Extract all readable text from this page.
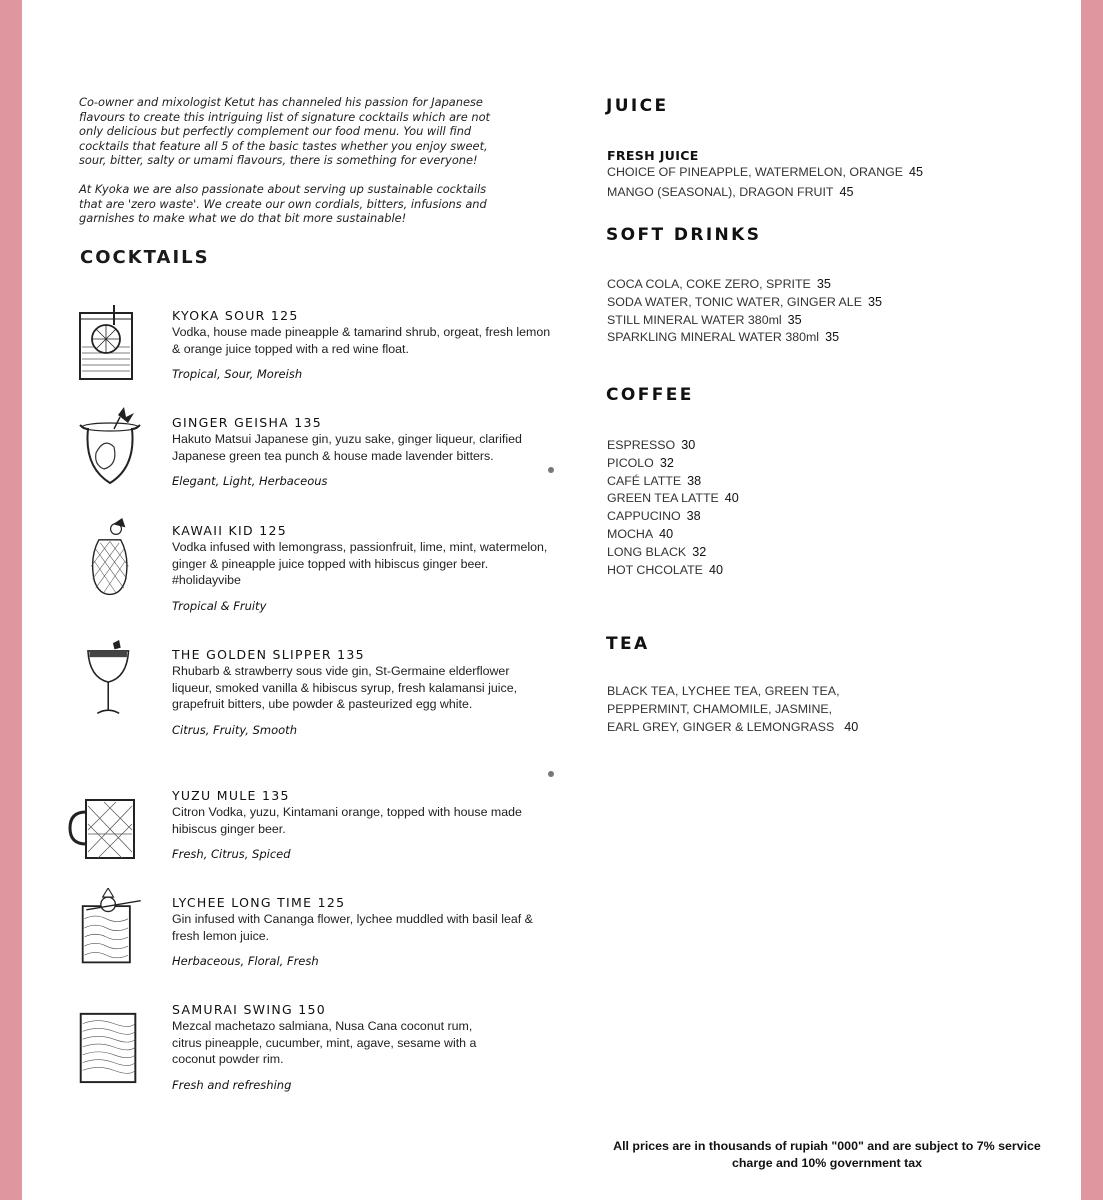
Co-owner and mixologist Ketut has channeled his passion for Japanese flavours to create this intriguing list of signature cocktails which are not only delicious but perfectly complement our food menu. You will find cocktails that feature all 5 of the basic tastes whether you enjoy sweet, sour, bitter, salty or umami flavours, there is something for everyone!

At Kyoka we are also passionate about serving up sustainable cocktails that are 'zero waste'. We create our own cordials, bitters, infusions and garnishes to make what we do that bit more sustainable!

COCKTAILS
KYOKA SOUR 125
Vodka, house made pineapple & tamarind shrub, orgeat, fresh lemon & orange juice topped with a red wine float.
Tropical, Sour, Moreish
GINGER GEISHA 135
Hakuto Matsui Japanese gin, yuzu sake, ginger liqueur, clarified Japanese green tea punch & house made lavender bitters.
Elegant, Light, Herbaceous
KAWAII KID 125
Vodka infused with lemongrass, passionfruit, lime, mint, watermelon, ginger & pineapple juice topped with hibiscus ginger beer. #holidayvibe
Tropical & Fruity
THE GOLDEN SLIPPER 135
Rhubarb & strawberry sous vide gin, St-Germaine elderflower liqueur, smoked vanilla & hibiscus syrup, fresh kalamansi juice, grapefruit bitters, ube powder & pasteurized egg white.
Citrus, Fruity, Smooth
YUZU MULE 135
Citron Vodka, yuzu, Kintamani orange, topped with house made hibiscus ginger beer.
Fresh, Citrus, Spiced
LYCHEE LONG TIME 125
Gin infused with Cananga flower, lychee muddled with basil leaf & fresh lemon juice.
Herbaceous, Floral, Fresh
SAMURAI SWING 150
Mezcal machetazo salmiana, Nusa Cana coconut rum, citrus pineapple, cucumber, mint, agave, sesame with a coconut powder rim.
Fresh and refreshing
JUICE
FRESH JUICE
CHOICE OF PINEAPPLE, WATERMELON, ORANGE 45
MANGO (SEASONAL), DRAGON FRUIT 45
SOFT DRINKS
COCA COLA, COKE ZERO, SPRITE 35
SODA WATER, TONIC WATER, GINGER ALE 35
STILL MINERAL WATER 380ml 35
SPARKLING MINERAL WATER 380ml 35
COFFEE
ESPRESSO 30
PICOLO 32
CAFÉ LATTE 38
GREEN TEA LATTE 40
CAPPUCINO 38
MOCHA 40
LONG BLACK 32
HOT CHCOLATE 40
TEA
BLACK TEA, LYCHEE TEA, GREEN TEA,
PEPPERMINT, CHAMOMILE, JASMINE,
EARL GREY, GINGER & LEMONGRASS 40
All prices are in thousands of rupiah "000" and are subject to 7% service
charge and 10% government tax
